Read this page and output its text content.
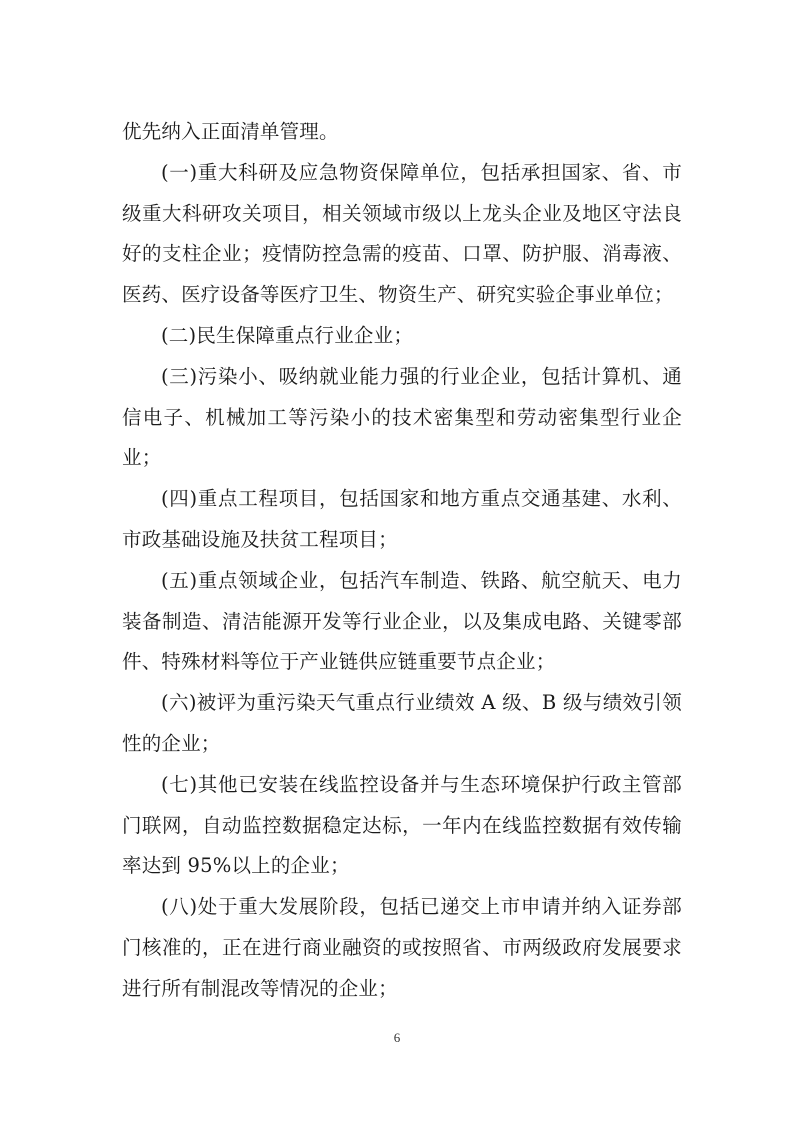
优先纳入正面清单管理。

(一)重大科研及应急物资保障单位，包括承担国家、省、市级重大科研攻关项目，相关领域市级以上龙头企业及地区守法良好的支柱企业；疫情防控急需的疫苗、口罩、防护服、消毒液、医药、医疗设备等医疗卫生、物资生产、研究实验企事业单位；

(二)民生保障重点行业企业；

(三)污染小、吸纳就业能力强的行业企业，包括计算机、通信电子、机械加工等污染小的技术密集型和劳动密集型行业企业；

(四)重点工程项目，包括国家和地方重点交通基建、水利、市政基础设施及扶贫工程项目；

(五)重点领域企业，包括汽车制造、铁路、航空航天、电力装备制造、清洁能源开发等行业企业，以及集成电路、关键零部件、特殊材料等位于产业链供应链重要节点企业；

(六)被评为重污染天气重点行业绩效 A 级、B 级与绩效引领性的企业；

(七)其他已安装在线监控设备并与生态环境保护行政主管部门联网，自动监控数据稳定达标，一年内在线监控数据有效传输率达到 95%以上的企业；

(八)处于重大发展阶段，包括已递交上市申请并纳入证券部门核准的，正在进行商业融资的或按照省、市两级政府发展要求进行所有制混改等情况的企业；

6
